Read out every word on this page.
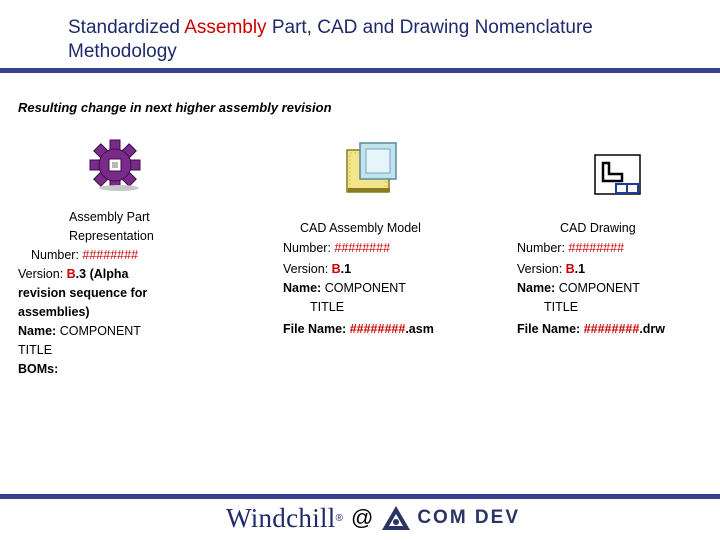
Standardized Assembly Part, CAD and Drawing Nomenclature Methodology
Resulting change in next higher assembly revision
Assembly Part
Representation
Number: ########
Version: B.3 (Alpha
revision sequence for
assemblies)
Name: COMPONENT
TITLE
BOMs:
CAD Assembly Model
Number: ########
Version: B.1
Name: COMPONENT
TITLE
File Name: ########.asm
CAD Drawing
Number: ########
Version: B.1
Name: COMPONENT
TITLE
File Name: ########.drw
Windchill ® @ COM DEV
